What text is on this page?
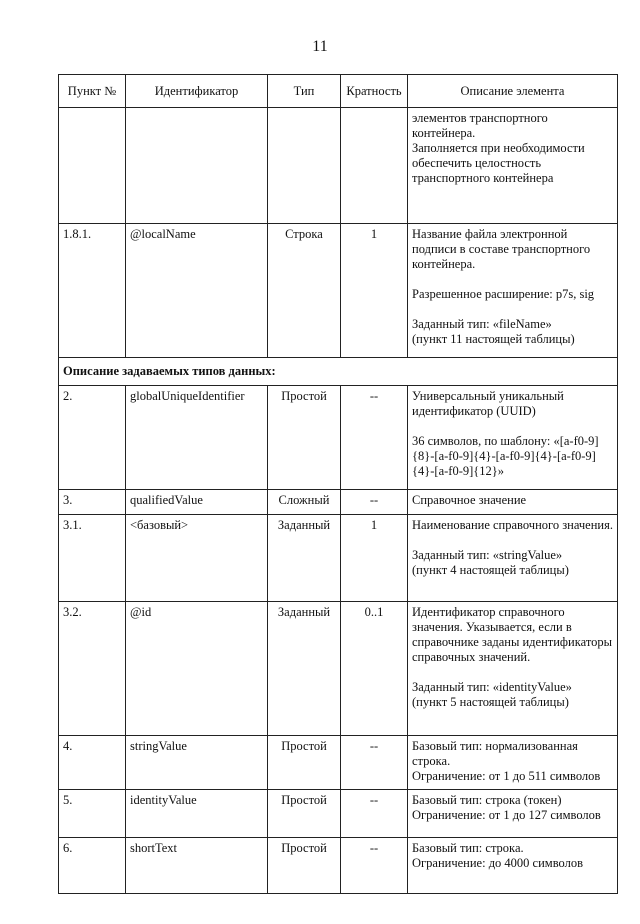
11
Пункт №	Идентификатор	Тип	Кратность	Описание элемента

				элементов транспортного контейнера.
Заполняется при необходимости обеспечить целостность транспортного контейнера

1.8.1.	@localName	Строка	1	Название файла электронной подписи в составе транспортного контейнера.

Разрешенное расширение: p7s, sig

Заданный тип: «fileName»
(пункт 11 настоящей таблицы)

Описание задаваемых типов данных:				
2.	globalUniqueIdentifier	Простой	--	Универсальный уникальный идентификатор (UUID)

36 символов, по шаблону: «[a-f0-9]{8}-[a-f0-9]{4}-[a-f0-9]{4}-[a-f0-9]{4}-[a-f0-9]{12}»

3.	qualifiedValue	Сложный	--	Справочное значение

3.1.	<базовый>	Заданный	1	Наименование справочного значения.

Заданный тип: «stringValue»
(пункт 4 настоящей таблицы)

3.2.	@id	Заданный	0..1	Идентификатор справочного значения. Указывается, если в справочнике заданы идентификаторы справочных значений.

Заданный тип: «identityValue»
(пункт 5 настоящей таблицы)

4.	stringValue	Простой	--	Базовый тип: нормализованная строка.
Ограничение: от 1 до 511 символов

5.	identityValue	Простой	--	Базовый тип: строка (токен)
Ограничение: от 1 до 127 символов

6.	shortText	Простой	--	Базовый тип: строка.
Ограничение: до 4000 символов
